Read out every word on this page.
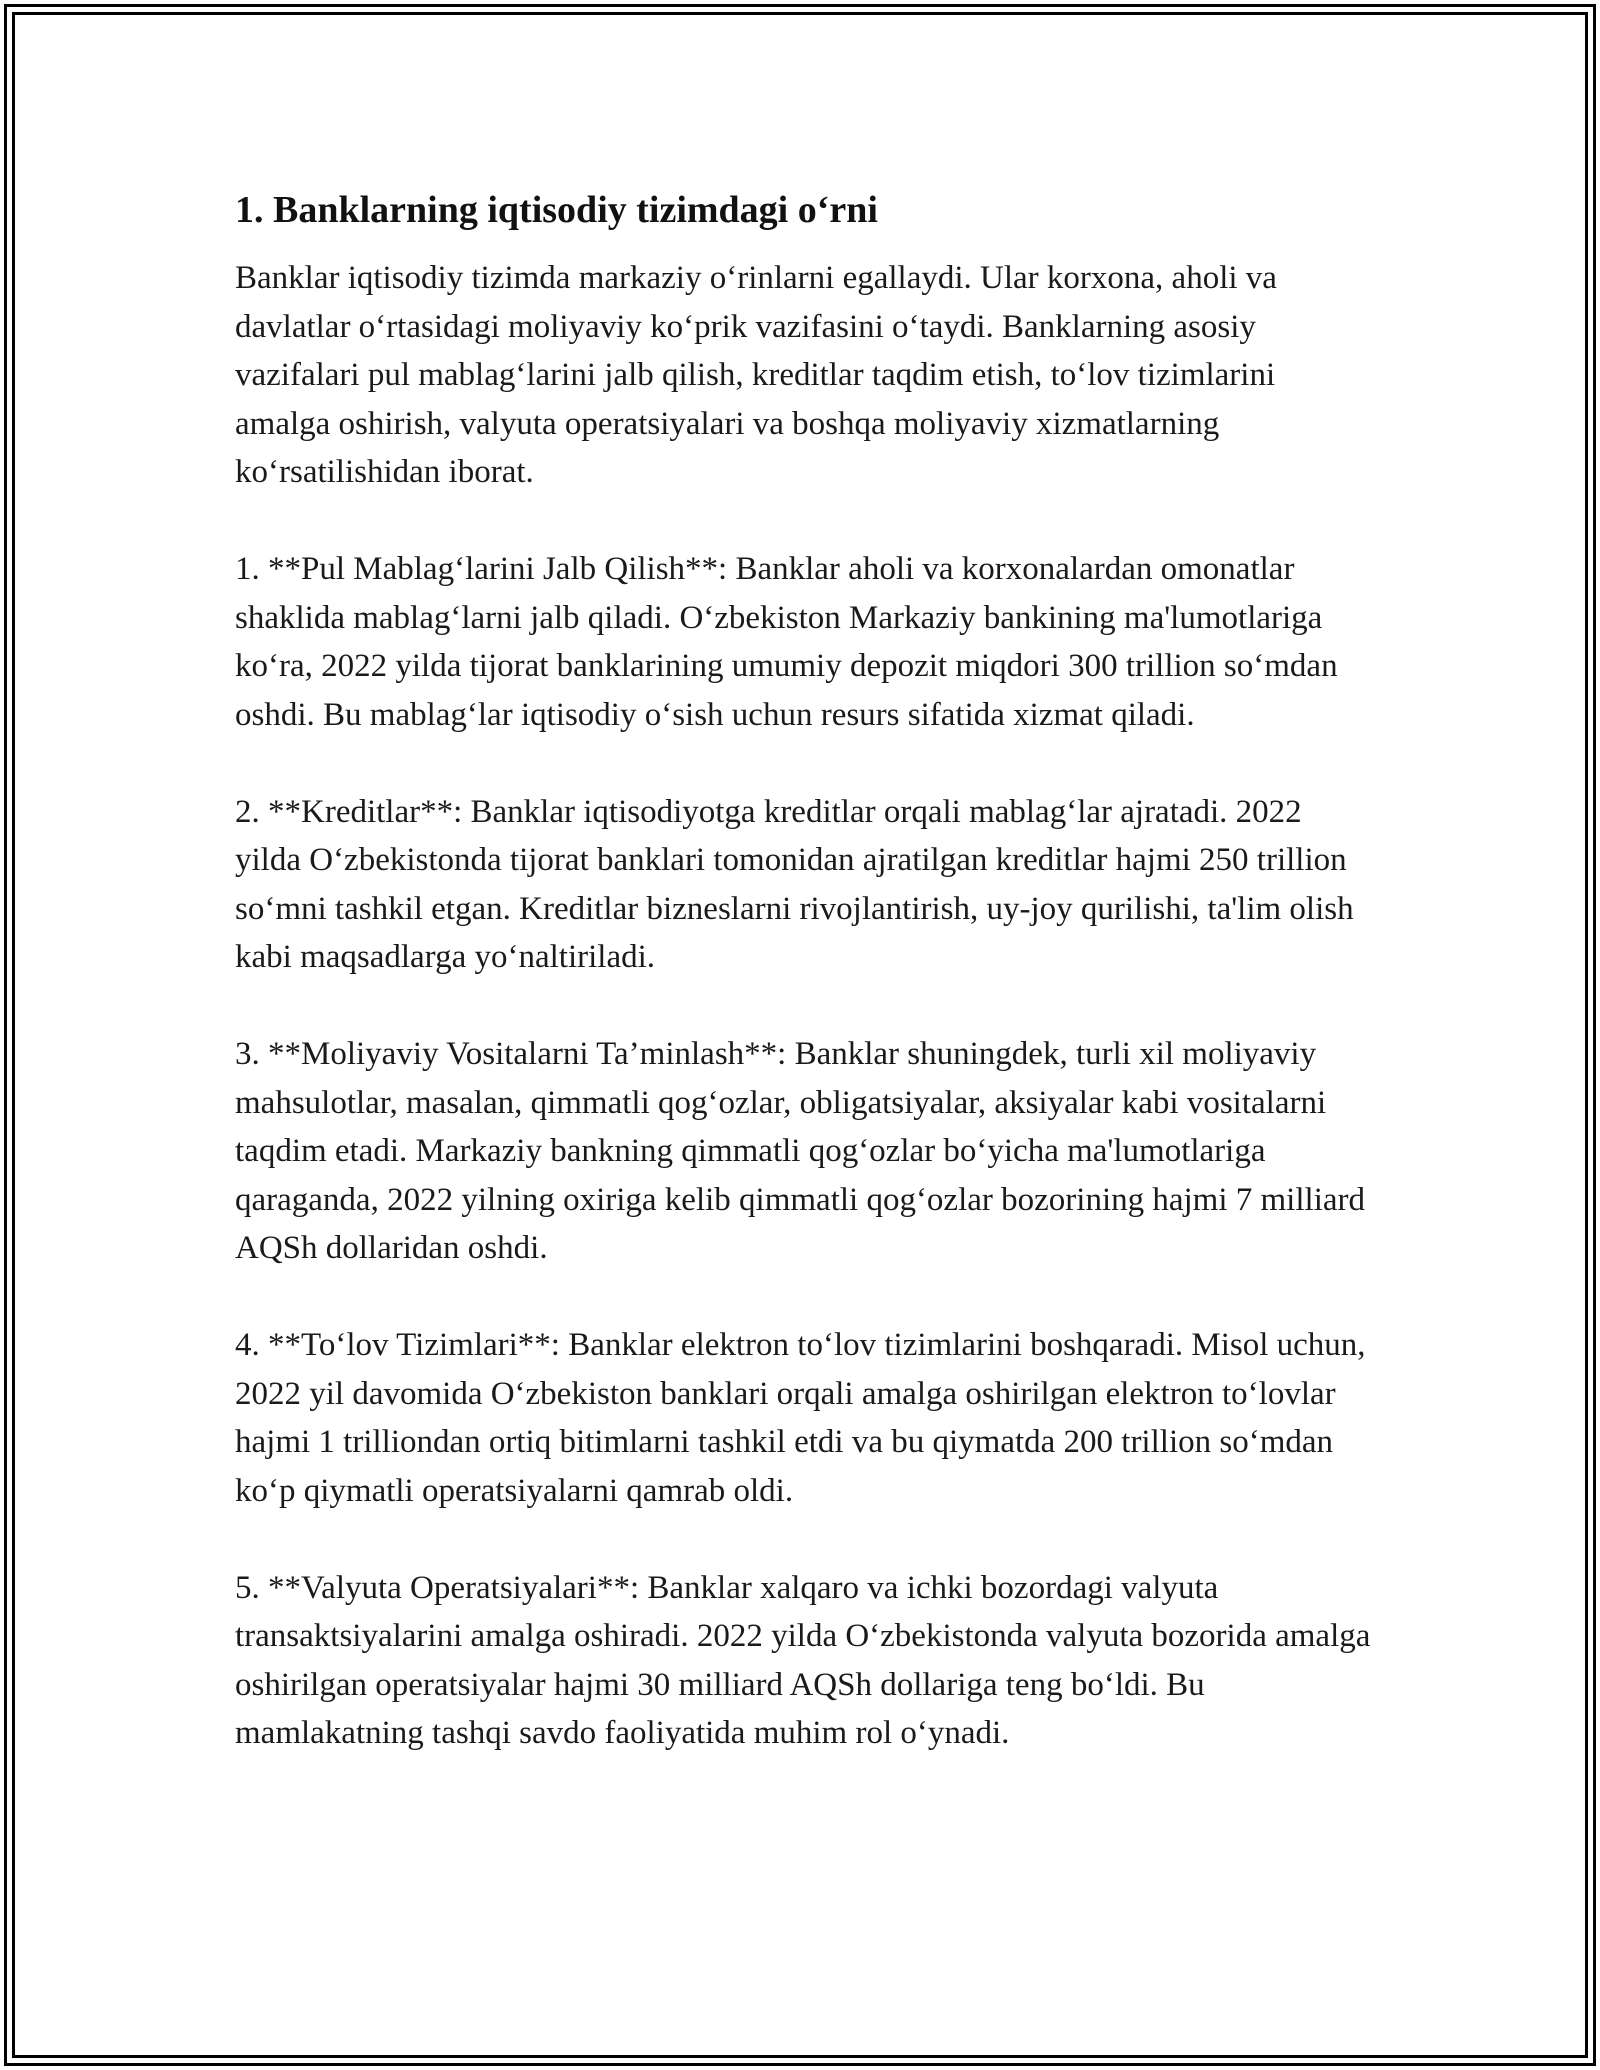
1. Banklarning iqtisodiy tizimdagi o‘rni

Banklar iqtisodiy tizimda markaziy o‘rinlarni egallaydi. Ular korxona, aholi va davlatlar o‘rtasidagi moliyaviy ko‘prik vazifasini o‘taydi. Banklarning asosiy vazifalari pul mablag‘larini jalb qilish, kreditlar taqdim etish, to‘lov tizimlarini amalga oshirish, valyuta operatsiyalari va boshqa moliyaviy xizmatlarning ko‘rsatilishidan iborat.

1. **Pul Mablag‘larini Jalb Qilish**: Banklar aholi va korxonalardan omonatlar shaklida mablag‘larni jalb qiladi. O‘zbekiston Markaziy bankining ma'lumotlariga ko‘ra, 2022 yilda tijorat banklarining umumiy depozit miqdori 300 trillion so‘mdan oshdi. Bu mablag‘lar iqtisodiy o‘sish uchun resurs sifatida xizmat qiladi.

2. **Kreditlar**: Banklar iqtisodiyotga kreditlar orqali mablag‘lar ajratadi. 2022 yilda O‘zbekistonda tijorat banklari tomonidan ajratilgan kreditlar hajmi 250 trillion so‘mni tashkil etgan. Kreditlar bizneslarni rivojlantirish, uy-joy qurilishi, ta'lim olish kabi maqsadlarga yo‘naltiriladi.

3. **Moliyaviy Vositalarni Ta’minlash**: Banklar shuningdek, turli xil moliyaviy mahsulotlar, masalan, qimmatli qog‘ozlar, obligatsiyalar, aksiyalar kabi vositalarni taqdim etadi. Markaziy bankning qimmatli qog‘ozlar bo‘yicha ma'lumotlariga qaraganda, 2022 yilning oxiriga kelib qimmatli qog‘ozlar bozorining hajmi 7 milliard AQSh dollaridan oshdi.

4. **To‘lov Tizimlari**: Banklar elektron to‘lov tizimlarini boshqaradi. Misol uchun, 2022 yil davomida O‘zbekiston banklari orqali amalga oshirilgan elektron to‘lovlar hajmi 1 trilliondan ortiq bitimlarni tashkil etdi va bu qiymatda 200 trillion so‘mdan ko‘p qiymatli operatsiyalarni qamrab oldi.

5. **Valyuta Operatsiyalari**: Banklar xalqaro va ichki bozordagi valyuta transaktsiyalarini amalga oshiradi. 2022 yilda O‘zbekistonda valyuta bozorida amalga oshirilgan operatsiyalar hajmi 30 milliard AQSh dollariga teng bo‘ldi. Bu mamlakatning tashqi savdo faoliyatida muhim rol o‘ynadi.
